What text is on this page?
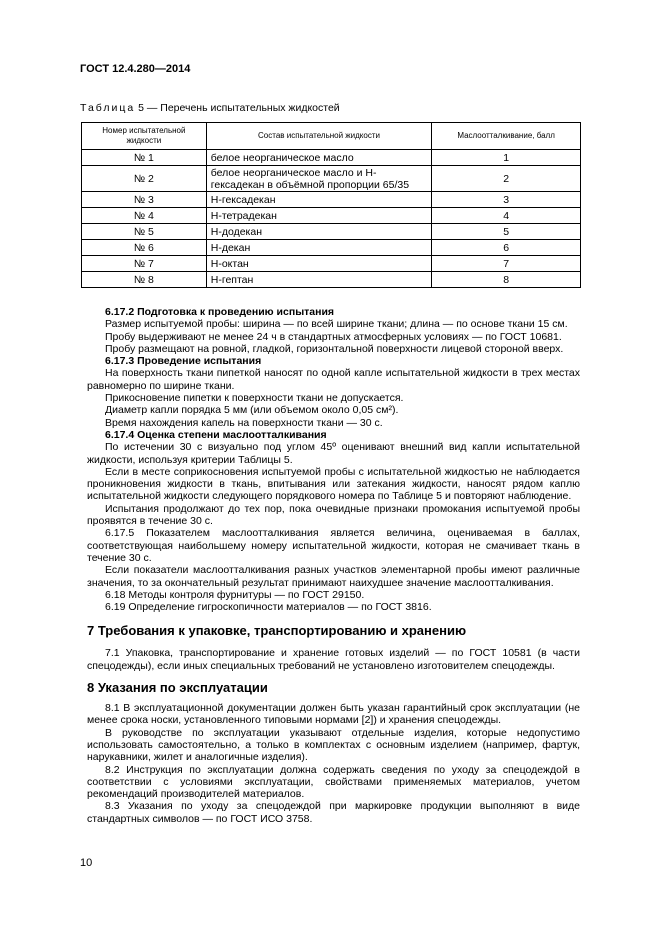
ГОСТ 12.4.280—2014
Таблица 5 — Перечень испытательных жидкостей
Номер испытательной жидкости	Состав испытательной жидкости	Маслоотталкивание, балл
№ 1	белое неорганическое масло	1
№ 2	белое неорганическое масло и Н-гексадекан в объёмной пропорции 65/35	2
№ 3	Н-гексадекан	3
№ 4	Н-тетрадекан	4
№ 5	Н-додекан	5
№ 6	Н-декан	6
№ 7	Н-октан	7
№ 8	Н-гептан	8

6.17.2 Подготовка к проведению испытания

Размер испытуемой пробы: ширина — по всей ширине ткани; длина — по основе ткани 15 см.

Пробу выдерживают не менее 24 ч в стандартных атмосферных условиях — по ГОСТ 10681.

Пробу размещают на ровной, гладкой, горизонтальной поверхности лицевой стороной вверх.

6.17.3 Проведение испытания

На поверхность ткани пипеткой наносят по одной капле испытательной жидкости в трех местах равномерно по ширине ткани.

Прикосновение пипетки к поверхности ткани не допускается.

Диаметр капли порядка 5 мм (или объемом около 0,05 см²).

Время нахождения капель на поверхности ткани — 30 с.

6.17.4 Оценка степени маслоотталкивания

По истечении 30 с визуально под углом 45º оценивают внешний вид капли испытательной жидкости, используя критерии Таблицы 5.

Если в месте соприкосновения испытуемой пробы с испытательной жидкостью не наблюдается проникновения жидкости в ткань, впитывания или затекания жидкости, наносят рядом каплю испытательной жидкости следующего порядкового номера по Таблице 5 и повторяют наблюдение.

Испытания продолжают до тех пор, пока очевидные признаки промокания испытуемой пробы проявятся в течение 30 с.

6.17.5 Показателем маслоотталкивания является величина, оцениваемая в баллах, соответствующая наибольшему номеру испытательной жидкости, которая не смачивает ткань в течение 30 с.

Если показатели маслоотталкивания разных участков элементарной пробы имеют различные значения, то за окончательный результат принимают наихудшее значение маслоотталкивания.

6.18 Методы контроля фурнитуры — по ГОСТ 29150.

6.19 Определение гигроскопичности материалов — по ГОСТ 3816.

7 Требования к упаковке, транспортированию и хранению

7.1 Упаковка, транспортирование и хранение готовых изделий — по ГОСТ 10581 (в части спецодежды), если иных специальных требований не установлено изготовителем спецодежды.

8 Указания по эксплуатации

8.1 В эксплуатационной документации должен быть указан гарантийный срок эксплуатации (не менее срока носки, установленного типовыми нормами [2]) и хранения спецодежды.

В руководстве по эксплуатации указывают отдельные изделия, которые недопустимо использовать самостоятельно, а только в комплектах с основным изделием (например, фартук, нарукавники, жилет и аналогичные изделия).

8.2 Инструкция по эксплуатации должна содержать сведения по уходу за спецодеждой в соответствии с условиями эксплуатации, свойствами применяемых материалов, учетом рекомендаций производителей материалов.

8.3 Указания по уходу за спецодеждой при маркировке продукции выполняют в виде стандартных символов — по ГОСТ ИСО 3758.

10
